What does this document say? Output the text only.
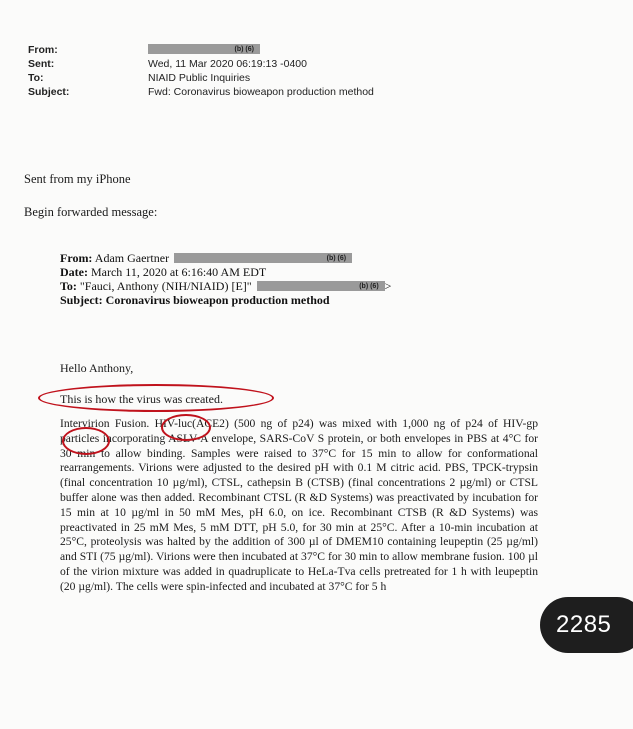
From:	(b) (6)
Sent:	Wed, 11 Mar 2020 06:19:13 -0400
To:	NIAID Public Inquiries
Subject:	Fwd: Coronavirus bioweapon production method
Sent from my iPhone
Begin forwarded message:
From: Adam Gaertner	(b) (6)
Date: March 11, 2020 at 6:16:40 AM EDT
To: "Fauci, Anthony (NIH/NIAID) [E]"	(b) (6) >
Subject: Coronavirus bioweapon production method
Hello Anthony,
This is how the virus was created.
Intervirion Fusion. HIV-luc(ACE2) (500 ng of p24) was mixed with 1,000 ng of p24 of HIV-gp particles incorporating ASLV-A envelope, SARS-CoV S protein, or both envelopes in PBS at 4°C for 30 min to allow binding. Samples were raised to 37°C for 15 min to allow for conformational rearrangements. Virions were adjusted to the desired pH with 0.1 M citric acid. PBS, TPCK-trypsin (final concentration 10 µg/ml), CTSL, cathepsin B (CTSB) (final concentrations 2 µg/ml) or CTSL buffer alone was then added. Recombinant CTSL (R &D Systems) was preactivated by incubation for 15 min at 10 µg/ml in 50 mM Mes, pH 6.0, on ice. Recombinant CTSB (R &D Systems) was preactivated in 25 mM Mes, 5 mM DTT, pH 5.0, for 30 min at 25°C. After a 10-min incubation at 25°C, proteolysis was halted by the addition of 300 µl of DMEM10 containing leupeptin (25 µg/ml) and STI (75 µg/ml). Virions were then incubated at 37°C for 30 min to allow membrane fusion. 100 µl of the virion mixture was added in quadruplicate to HeLa-Tva cells pretreated for 1 h with leupeptin (20 µg/ml). The cells were spin-infected and incubated at 37°C for 5 h
2285
